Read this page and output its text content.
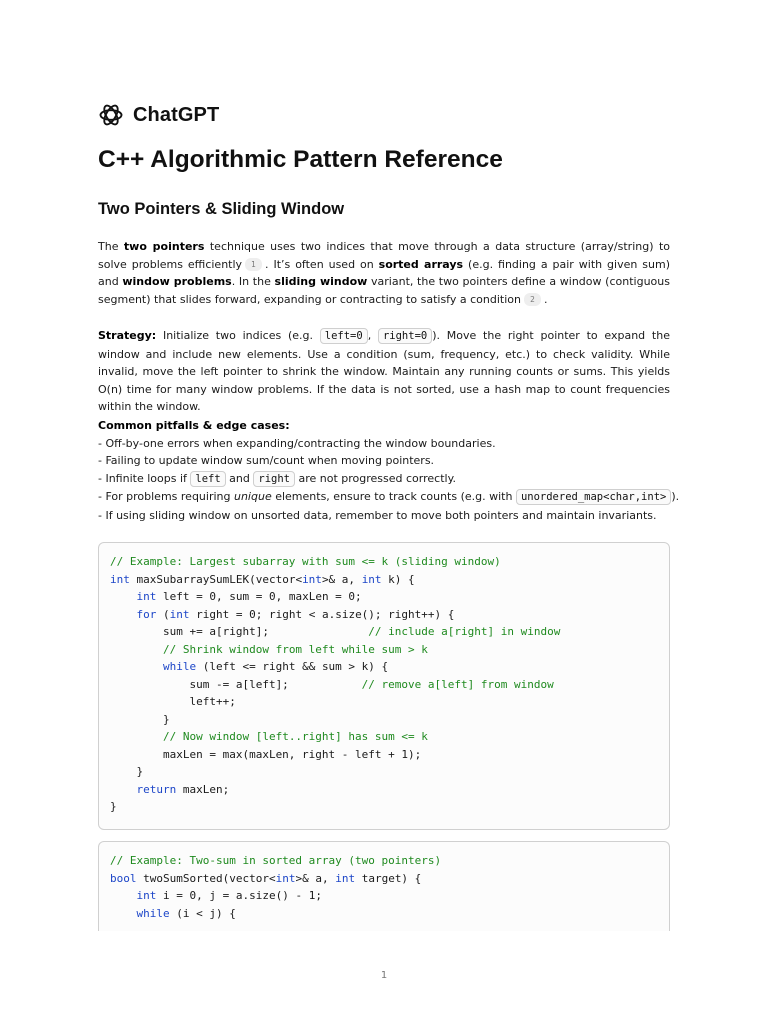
ChatGPT
C++ Algorithmic Pattern Reference
Two Pointers & Sliding Window

The two pointers technique uses two indices that move through a data structure (array/string) to solve problems efficiently 1 . It’s often used on sorted arrays (e.g. finding a pair with given sum) and window problems. In the sliding window variant, the two pointers define a window (contiguous segment) that slides forward, expanding or contracting to satisfy a condition 2 .

Strategy: Initialize two indices (e.g. left=0 , right=0 ). Move the right pointer to expand the window and include new elements. Use a condition (sum, frequency, etc.) to check validity. While invalid, move the left pointer to shrink the window. Maintain any running counts or sums. This yields O(n) time for many window problems. If the data is not sorted, use a hash map to count frequencies within the window.

Common pitfalls & edge cases:
- Off-by-one errors when expanding/contracting the window boundaries.
- Failing to update window sum/count when moving pointers.
- Infinite loops if left and right are not progressed correctly.
- For problems requiring unique elements, ensure to track counts (e.g. with unordered_map<char,int> ).
- If using sliding window on unsorted data, remember to move both pointers and maintain invariants.
// Example: Largest subarray with sum <= k (sliding window)
int maxSubarraySumLEK(vector<int>& a, int k) {
int left = 0, sum = 0, maxLen = 0;
for (int right = 0; right < a.size(); right++) {
sum += a[right];               // include a[right] in window
// Shrink window from left while sum > k
while (left <= right && sum > k) {
sum -= a[left];           // remove a[left] from window
left++;
}
// Now window [left..right] has sum <= k
maxLen = max(maxLen, right - left + 1);
}
return maxLen;
}
// Example: Two-sum in sorted array (two pointers)
bool twoSumSorted(vector<int>& a, int target) {
int i = 0, j = a.size() - 1;
while (i < j) {
1
